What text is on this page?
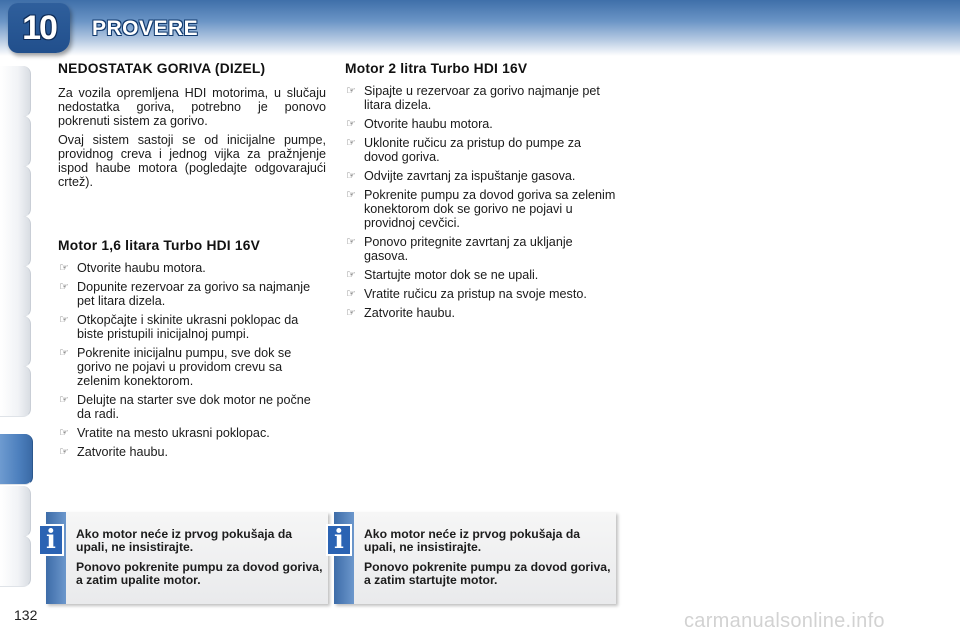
10	PROVERE
NEDOSTATAK GORIVA (DIZEL)

Za vozila opremljena HDI motorima, u slučaju nedostatka goriva, potrebno je ponovo pokrenuti sistem za gorivo.

Ovaj sistem sastoji se od inicijalne pumpe, providnog creva i jednog vijka za pražnjenje ispod haube motora (pogledajte odgovarajući crtež).

Motor 1,6 litara Turbo HDI 16V
☞ Otvorite haubu motora.
☞ Dopunite rezervoar za gorivo sa najmanje pet litara dizela.
☞ Otkopčajte i skinite ukrasni poklopac da biste pristupili inicijalnoj pumpi.
☞ Pokrenite inicijalnu pumpu, sve dok se gorivo ne pojavi u providom crevu sa zelenim konektorom.
☞ Delujte na starter sve dok motor ne počne da radi.
☞ Vratite na mesto ukrasni poklopac.
☞ Zatvorite haubu.
Motor 2 litra Turbo HDI 16V
☞ Sipajte u rezervoar za gorivo najmanje pet litara dizela.
☞ Otvorite haubu motora.
☞ Uklonite ručicu za pristup do pumpe za dovod goriva.
☞ Odvijte zavrtanj za ispuštanje gasova.
☞ Pokrenite pumpu za dovod goriva sa zelenim konektorom dok se gorivo ne pojavi u providnoj cevčici.
☞ Ponovo pritegnite zavrtanj za ukljanje gasova.
☞ Startujte motor dok se ne upali.
☞ Vratite ručicu za pristup na svoje mesto.
☞ Zatvorite haubu.
i	Ako motor neće iz prvog pokušaja da upali, ne insistirajte.
Ponovo pokrenite pumpu za dovod goriva, a zatim upalite motor.
i	Ako motor neće iz prvog pokušaja da upali, ne insistirajte.
Ponovo pokrenite pumpu za dovod goriva, a zatim startujte motor.
132	carmanualsonline.info
